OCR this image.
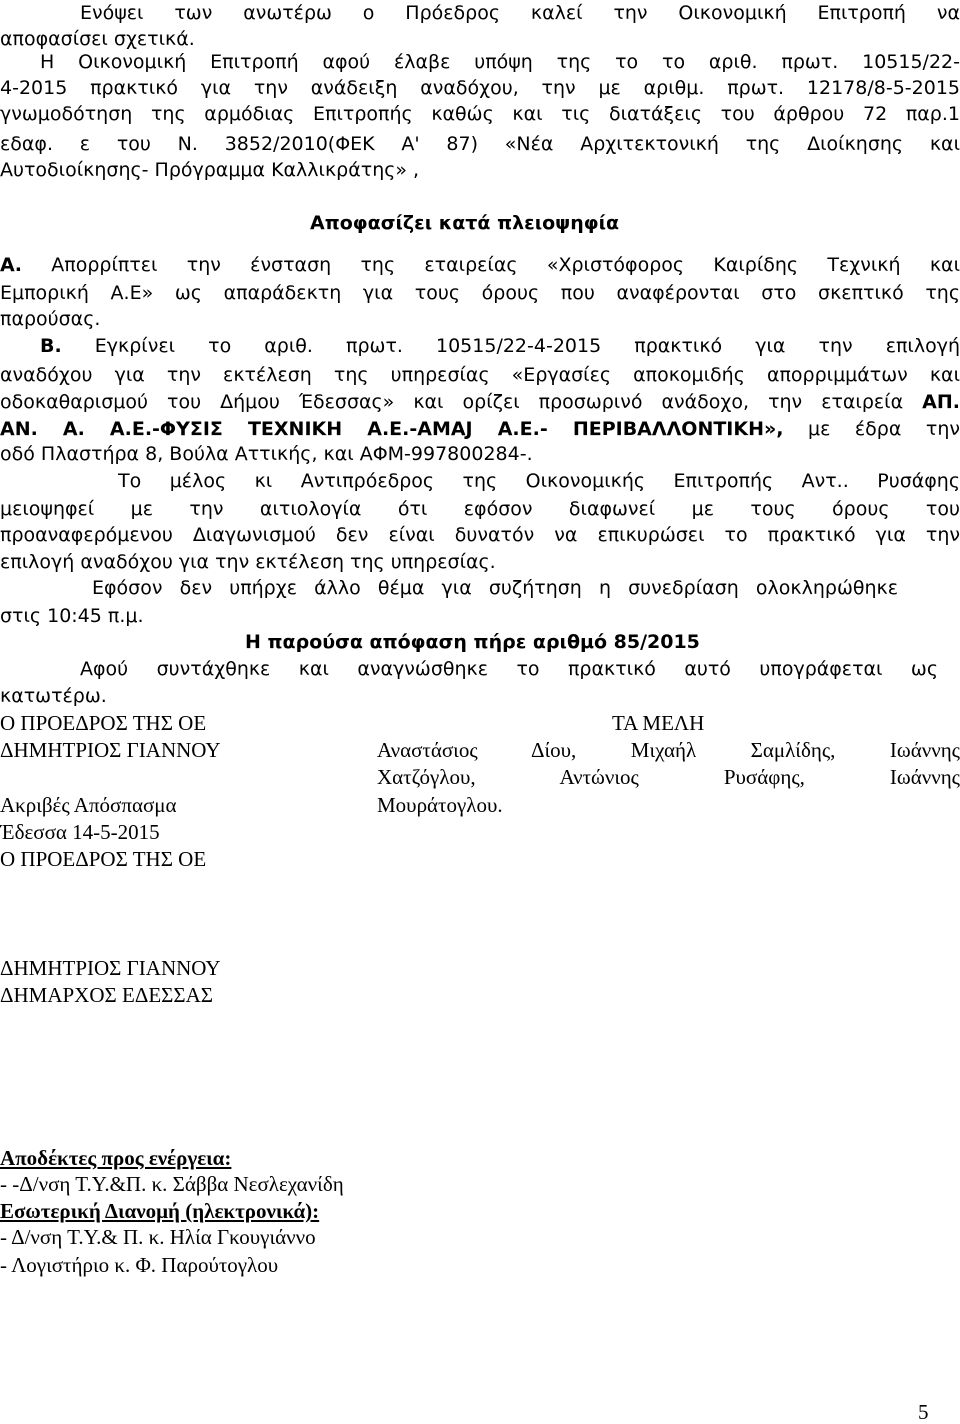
Ενόψει των ανωτέρω ο Πρόεδρος καλεί την Οικονομική Επιτροπή να
αποφασίσει σχετικά.
Η Οικονομική Επιτροπή αφού έλαβε υπόψη της το το αριθ. πρωτ. 10515/22-
4-2015 πρακτικό για την ανάδειξη αναδόχου, την με αριθμ. πρωτ. 12178/8-5-2015
γνωμοδότηση της αρμόδιας Επιτροπής καθώς και τις διατάξεις του άρθρου 72 παρ.1
εδαφ. ε του Ν. 3852/2010(ΦΕΚ Α' 87) «Νέα Αρχιτεκτονική της Διοίκησης και
Αυτοδιοίκησης- Πρόγραμμα Καλλικράτης» ,
Αποφασίζει κατά πλειοψηφία
Α. Απορρίπτει την ένσταση της εταιρείας «Χριστόφορος Καιρίδης Τεχνική και
Εμπορική Α.Ε» ως απαράδεκτη για τους όρους που αναφέρονται στο σκεπτικό της
παρούσας.
Β. Εγκρίνει το αριθ. πρωτ. 10515/22-4-2015 πρακτικό για την επιλογή
αναδόχου για την εκτέλεση της υπηρεσίας «Εργασίες αποκομιδής απορριμμάτων και
οδοκαθαρισμού του Δήμου Έδεσσας» και ορίζει προσωρινό ανάδοχο, την εταιρεία ΑΠ.
ΑΝ. Α. Α.Ε.-ΦΥΣΙΣ ΤΕΧΝΙΚΗ Α.Ε.-ΑΜΑJ Α.Ε.- ΠΕΡΙΒΑΛΛΟΝΤΙΚΗ», με έδρα την
οδό Πλαστήρα 8, Βούλα Αττικής, και ΑΦΜ-997800284-.
Το μέλος κι Αντιπρόεδρος της Οικονομικής Επιτροπής Αντ.. Ρυσάφης
μειοψηφεί με την αιτιολογία ότι εφόσον διαφωνεί με τους όρους του
προαναφερόμενου Διαγωνισμού δεν είναι δυνατόν να επικυρώσει το πρακτικό για την
επιλογή αναδόχου για την εκτέλεση της υπηρεσίας.
Εφόσον δεν υπήρχε άλλο θέμα για συζήτηση η συνεδρίαση ολοκληρώθηκε
στις 10:45 π.μ.
Η παρούσα απόφαση πήρε αριθμό 85/2015
Αφού συντάχθηκε και αναγνώσθηκε το πρακτικό αυτό υπογράφεται ως
κατωτέρω.
Ο ΠΡΟΕΔΡΟΣ ΤΗΣ ΟΕ	ΤΑ ΜΕΛΗ
ΔΗΜΗΤΡΙΟΣ ΓΙΑΝΝΟΥ	Αναστάσιος Δίου, Μιχαήλ Σαμλίδης, Ιωάννης
Χατζόγλου, Αντώνιος Ρυσάφης, Ιωάννης
Ακριβές Απόσπασμα	Μουράτογλου.
Έδεσσα 14-5-2015
Ο ΠΡΟΕΔΡΟΣ ΤΗΣ ΟΕ
ΔΗΜΗΤΡΙΟΣ ΓΙΑΝΝΟΥ
ΔΗΜΑΡΧΟΣ ΕΔΕΣΣΑΣ
Αποδέκτες προς ενέργεια:
- -Δ/νση Τ.Υ.&Π. κ. Σάββα Νεσλεχανίδη
Εσωτερική Διανομή (ηλεκτρονικά):
- Δ/νση Τ.Υ.& Π. κ. Ηλία Γκουγιάννο
- Λογιστήριο κ. Φ. Παρούτογλου
5
